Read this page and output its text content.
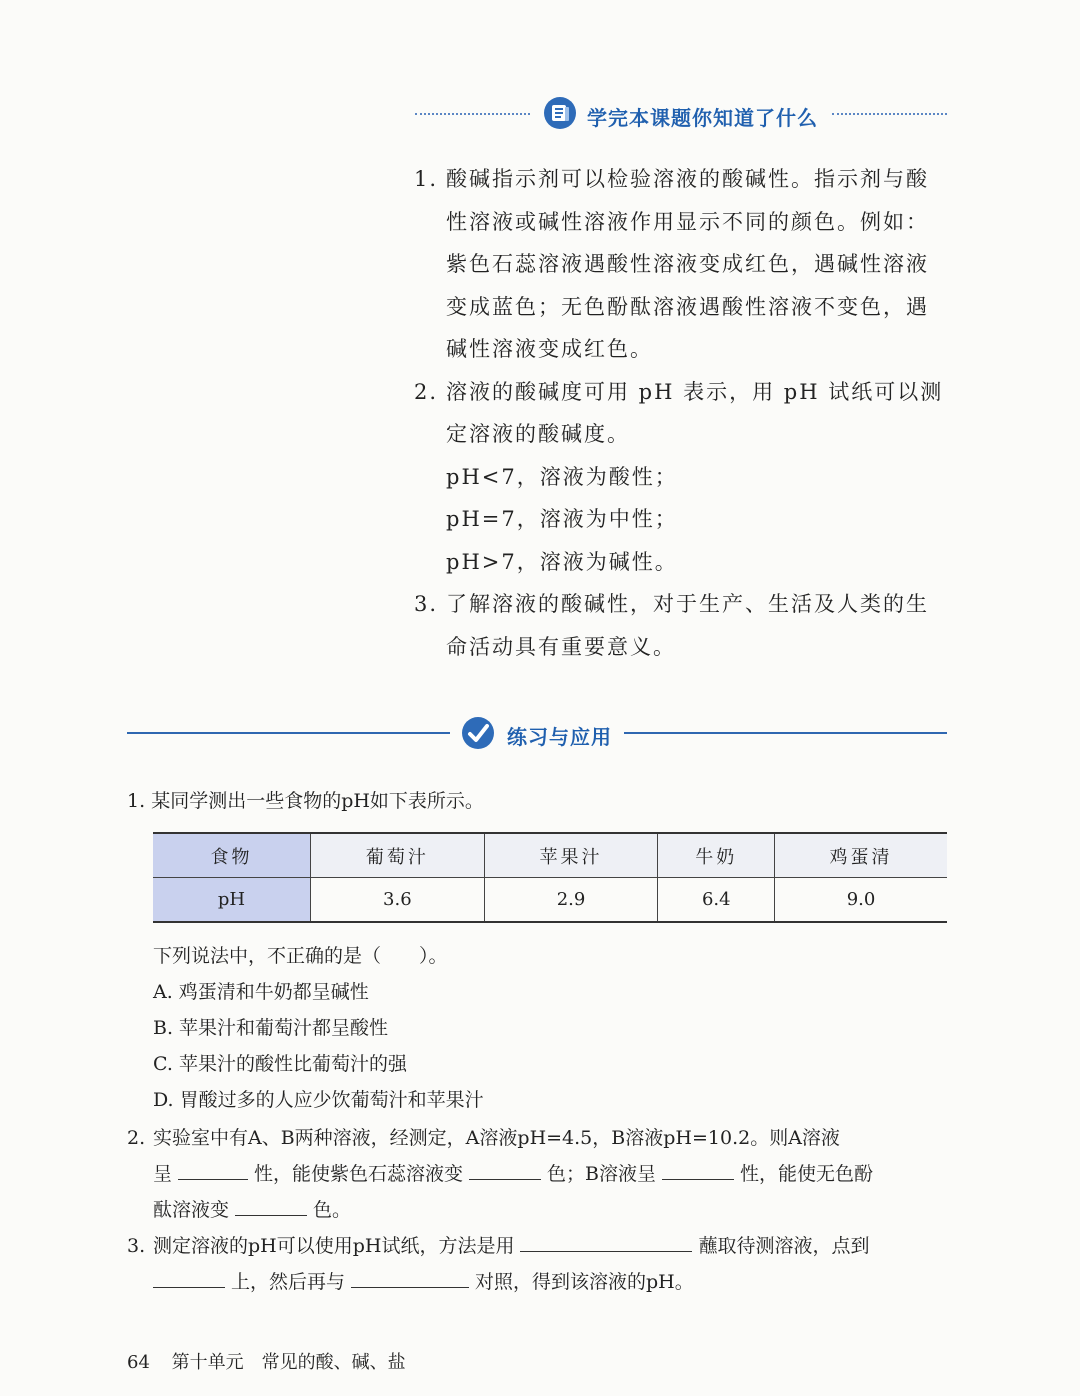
学完本课题你知道了什么
1. 酸碱指示剂可以检验溶液的酸碱性。指示剂与酸性溶液或碱性溶液作用显示不同的颜色。例如：紫色石蕊溶液遇酸性溶液变成红色，遇碱性溶液变成蓝色；无色酚酞溶液遇酸性溶液不变色，遇碱性溶液变成红色。
2. 溶液的酸碱度可用 pH 表示，用 pH 试纸可以测定溶液的酸碱度。
pH<7，溶液为酸性；
pH=7，溶液为中性；
pH>7，溶液为碱性。
3. 了解溶液的酸碱性，对于生产、生活及人类的生命活动具有重要意义。
练习与应用
1. 某同学测出一些食物的pH如下表所示。
食物	葡萄汁	苹果汁	牛奶	鸡蛋清
pH	3.6	2.9	6.4	9.0
下列说法中，不正确的是（　　）。
A. 鸡蛋清和牛奶都呈碱性
B. 苹果汁和葡萄汁都呈酸性
C. 苹果汁的酸性比葡萄汁的强
D. 胃酸过多的人应少饮葡萄汁和苹果汁
2. 实验室中有A、B两种溶液，经测定，A溶液pH=4.5，B溶液pH=10.2。则A溶液
呈	性，能使紫色石蕊溶液变	色；B溶液呈	性，能使无色酚
酞溶液变	色。
3. 测定溶液的pH可以使用pH试纸，方法是用	蘸取待测溶液，点到
上，然后再与	对照，得到该溶液的pH。
64 第十单元　常见的酸、碱、盐
